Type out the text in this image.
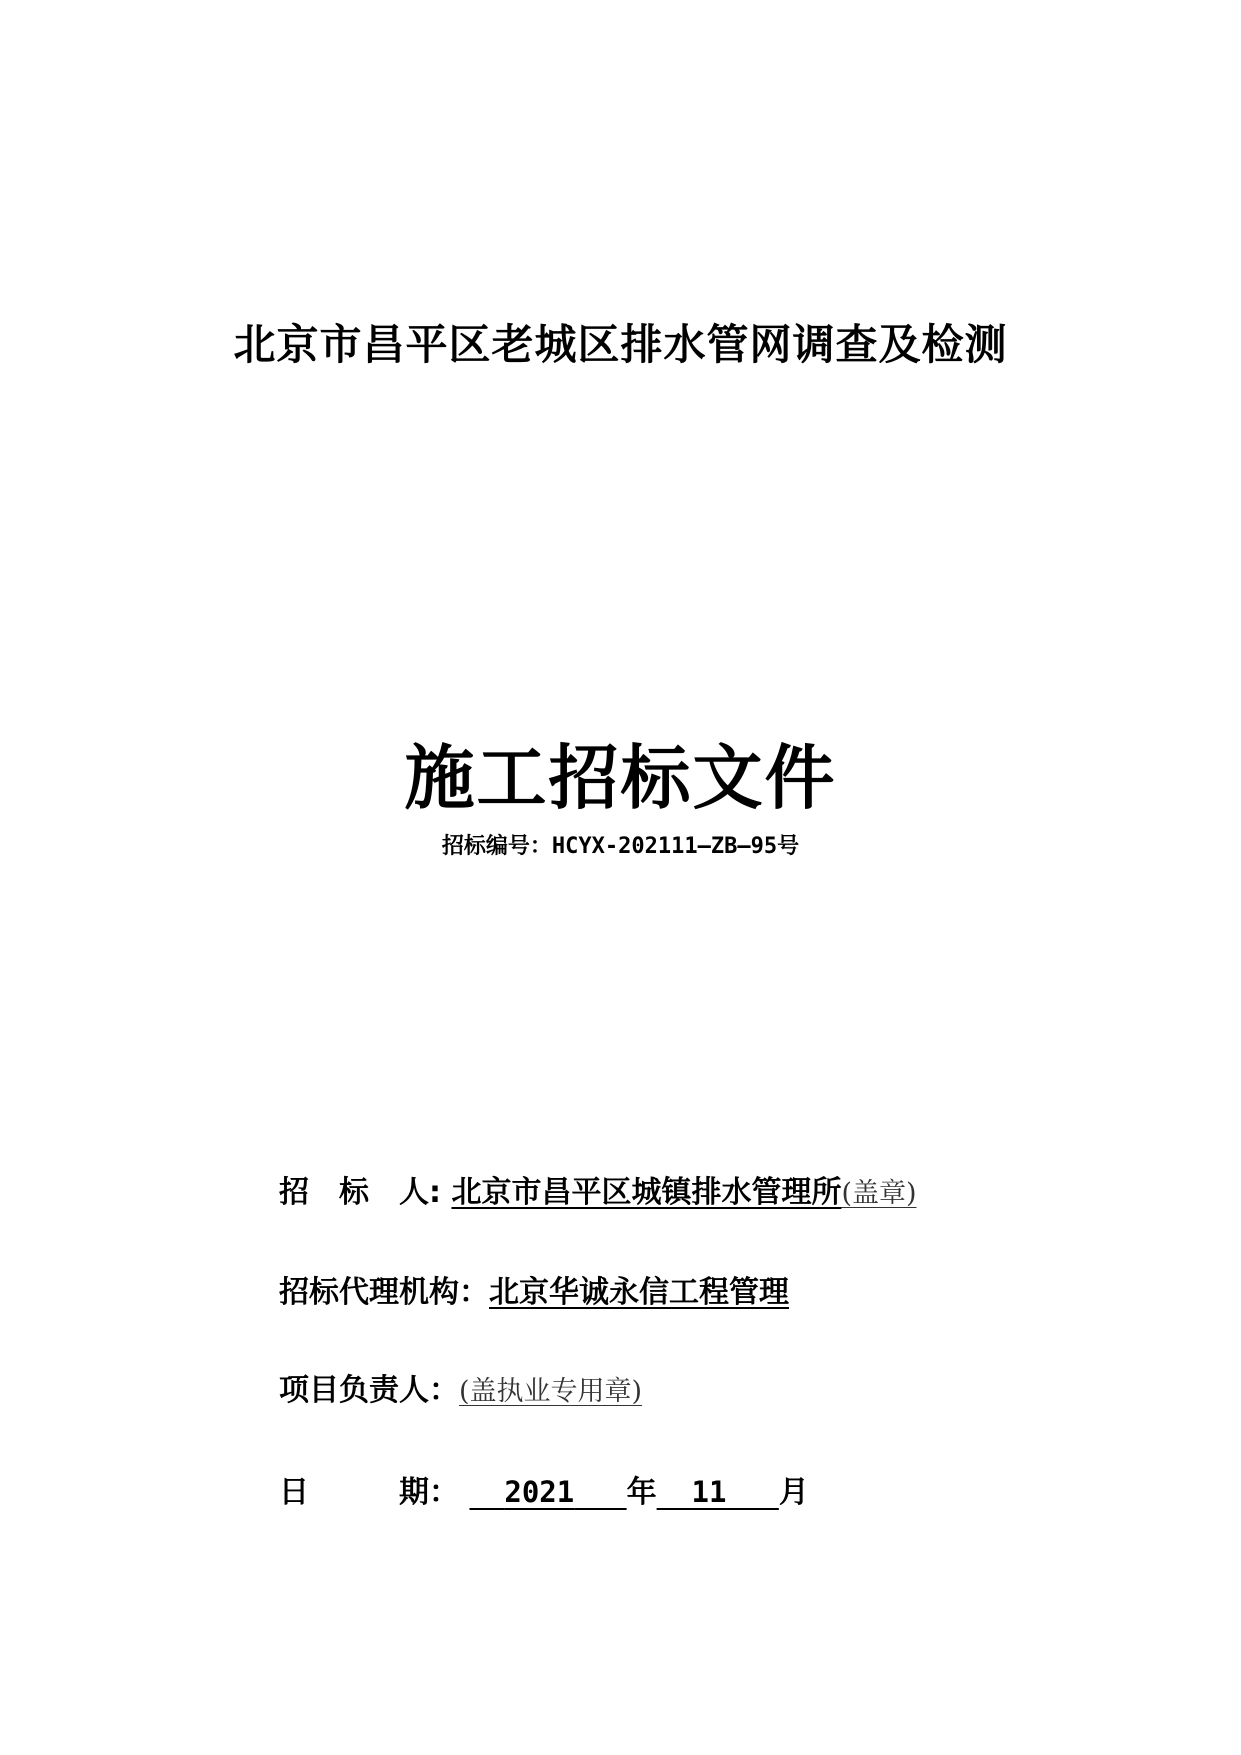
北京市昌平区老城区排水管网调查及检测
施工招标文件
招标编号：HCYX-202111—ZB—95号
招　标　人: 北京市昌平区城镇排水管理所(盖章)
招标代理机构：北京华诚永信工程管理
项目负责人：(盖执业专用章)
日　　　期： 2021 年 11 月
